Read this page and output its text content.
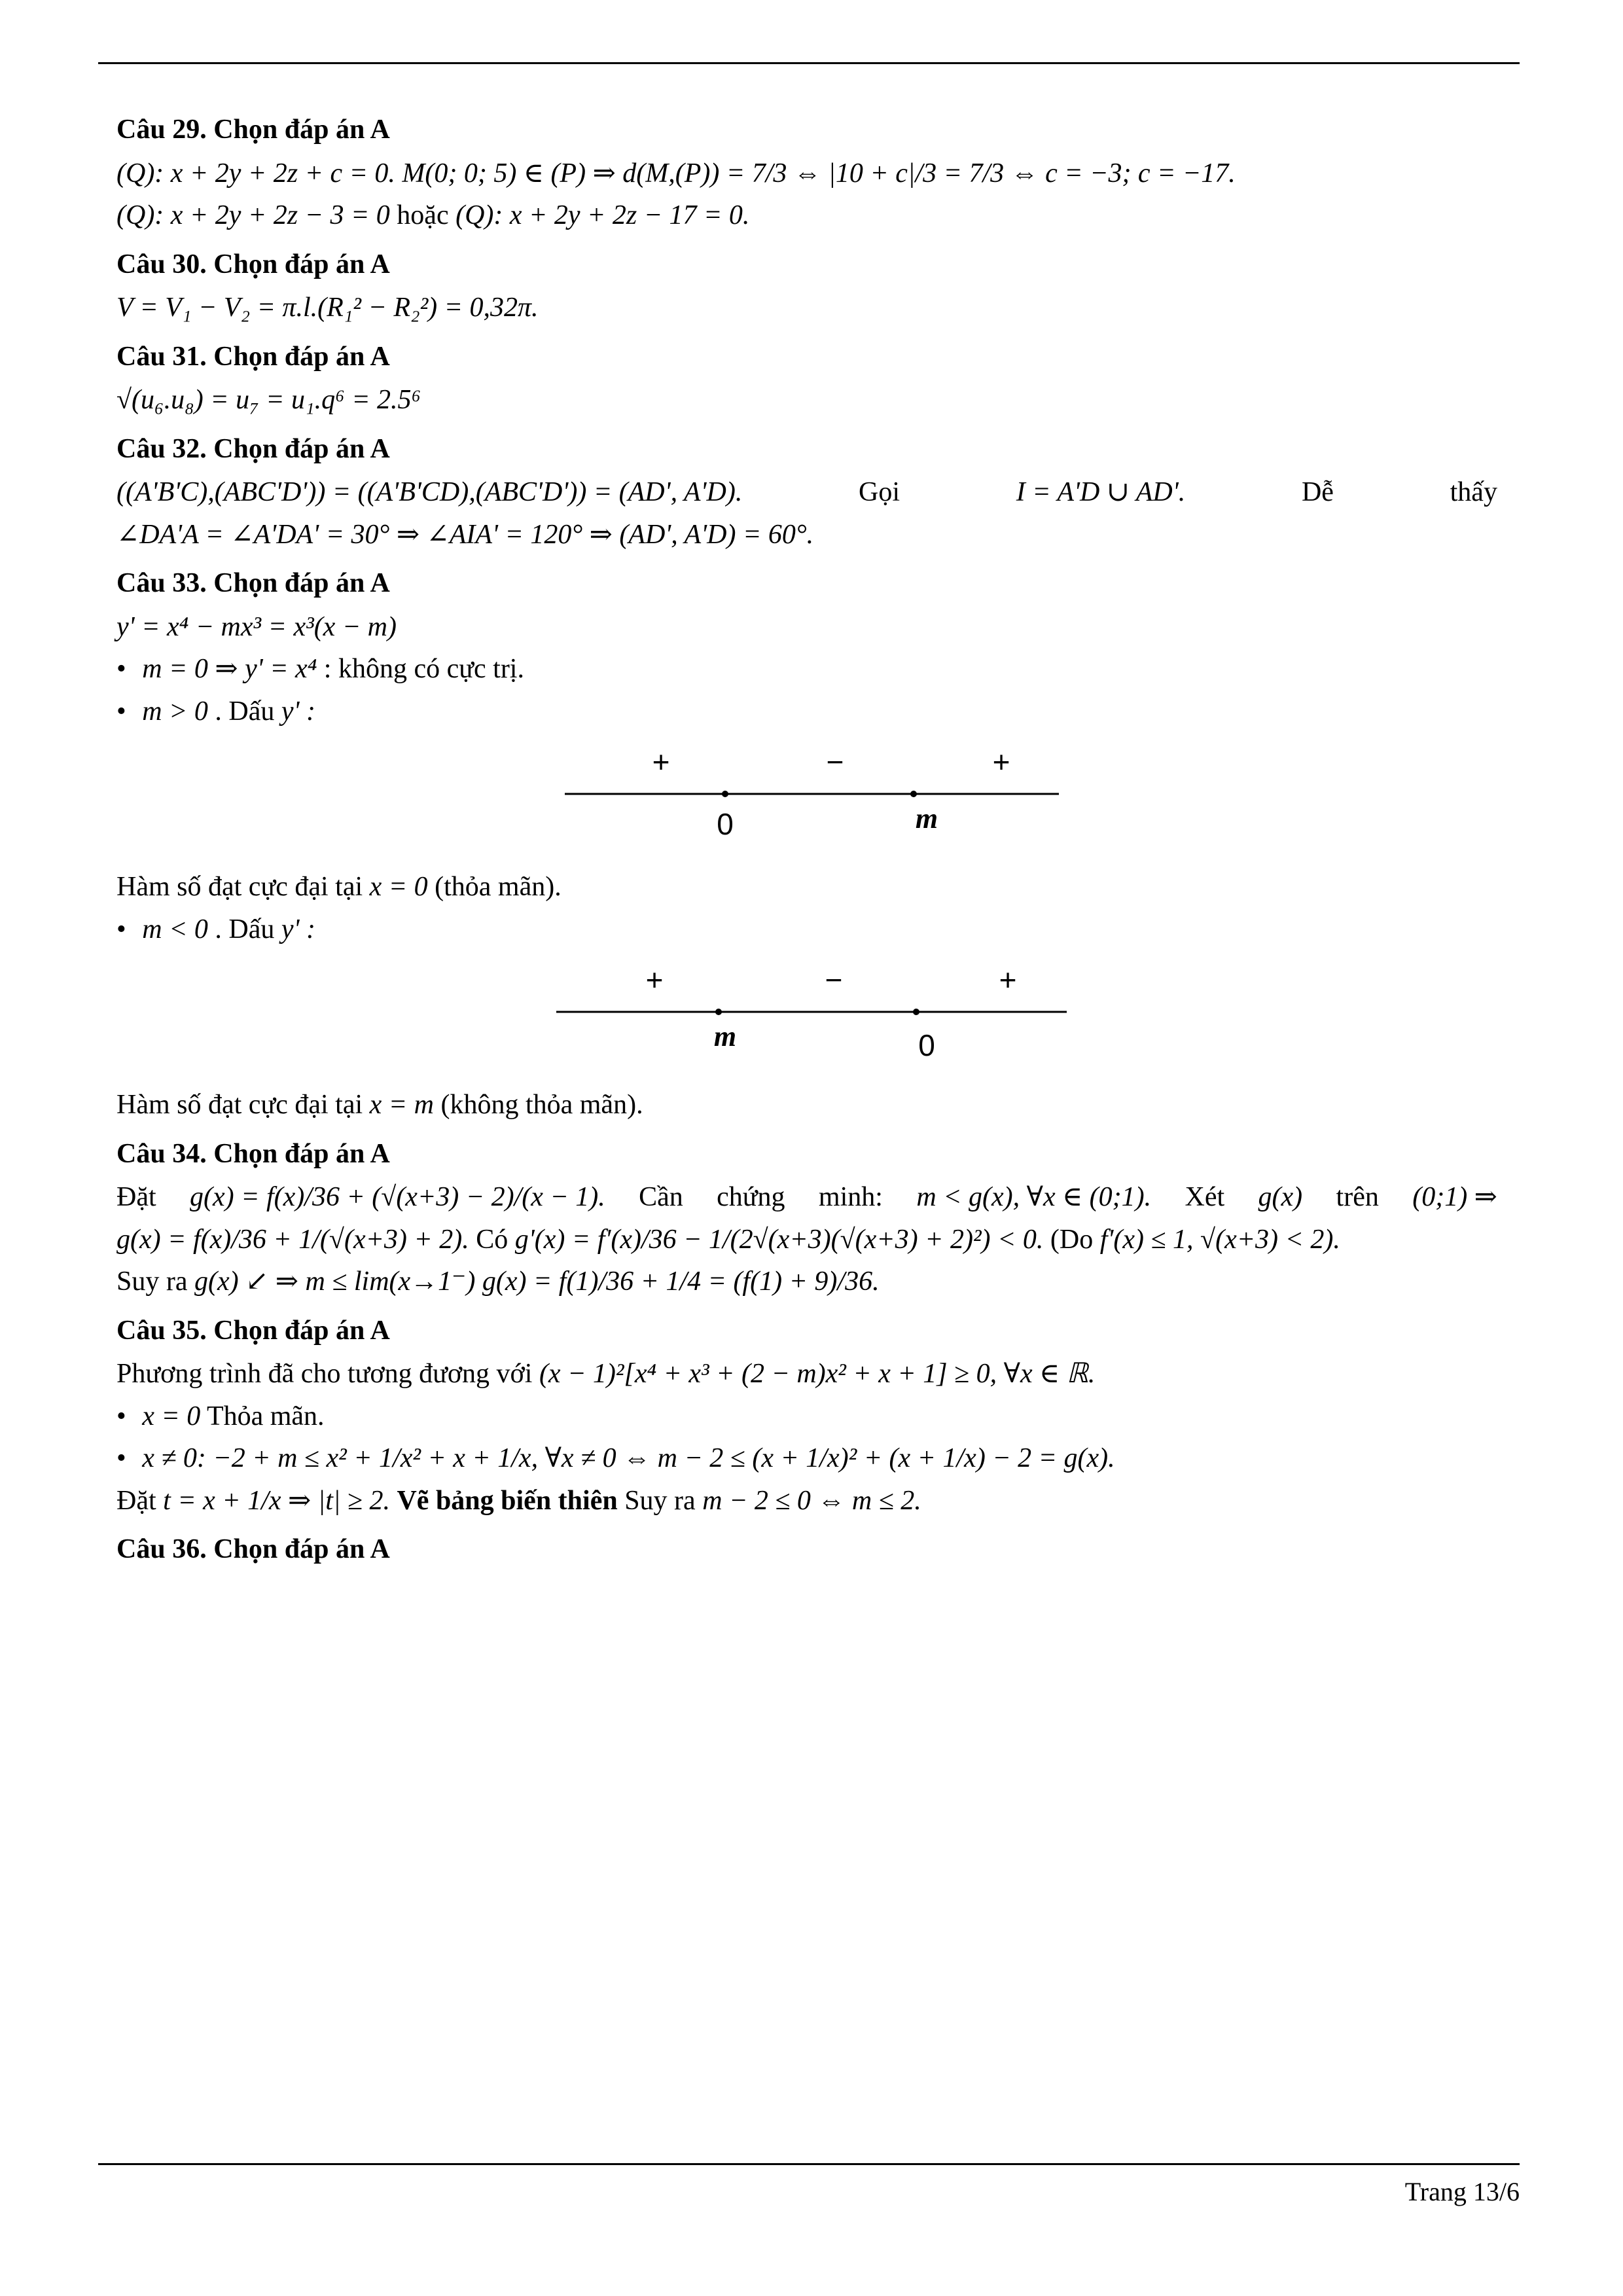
Câu 29. Chọn đáp án A
(Q): x + 2y + 2z + c = 0. M(0; 0; 5) ∈ (P) ⇒ d(M,(P)) = 7/3 ⇔ |10 + c|/3 = 7/3 ⇔ c = −3; c = −17.
(Q): x + 2y + 2z − 3 = 0 hoặc (Q): x + 2y + 2z − 17 = 0.
Câu 30. Chọn đáp án A
V = V₁ − V₂ = π.l.(R₁² − R₂²) = 0,32π.
Câu 31. Chọn đáp án A
√(u₆.u₈) = u₇ = u₁.q⁶ = 2.5⁶
Câu 32. Chọn đáp án A
((A'B'C),(ABC'D')) = ((A'B'CD),(ABC'D')) = (AD', A'D).	Gọi	I = A'D ∪ AD'.	Dễ	thấy
∠DA'A = ∠A'DA' = 30° ⇒ ∠AIA' = 120° ⇒ (AD', A'D) = 60°.
Câu 33. Chọn đáp án A
y' = x⁴ − mx³ = x³(x − m)
• m = 0 ⇒ y' = x⁴ : không có cực trị.
• m > 0 . Dấu y' :
+	−	+
0	m
Hàm số đạt cực đại tại x = 0 (thỏa mãn).
• m < 0 . Dấu y' :
+	−	+
m	0
Hàm số đạt cực đại tại x = m (không thỏa mãn).
Câu 34. Chọn đáp án A
Đặt g(x) = f(x)/36 + (√(x+3) − 2)/(x − 1). Cần chứng minh: m < g(x), ∀x ∈ (0;1). Xét g(x) trên (0;1) ⇒
g(x) = f(x)/36 + 1/(√(x+3) + 2). Có g'(x) = f'(x)/36 − 1/(2√(x+3)(√(x+3) + 2)²) < 0. (Do f'(x) ≤ 1, √(x+3) < 2).
Suy ra g(x) ↙ ⇒ m ≤ lim(x→1⁻) g(x) = f(1)/36 + 1/4 = (f(1) + 9)/36.
Câu 35. Chọn đáp án A
Phương trình đã cho tương đương với (x − 1)²[x⁴ + x³ + (2 − m)x² + x + 1] ≥ 0, ∀x ∈ ℝ.
• x = 0 Thỏa mãn.
• x ≠ 0: −2 + m ≤ x² + 1/x² + x + 1/x, ∀x ≠ 0 ⇔ m − 2 ≤ (x + 1/x)² + (x + 1/x) − 2 = g(x).
Đặt t = x + 1/x ⇒ |t| ≥ 2. Vẽ bảng biến thiên Suy ra m − 2 ≤ 0 ⇔ m ≤ 2.
Câu 36. Chọn đáp án A
Trang 13/6
